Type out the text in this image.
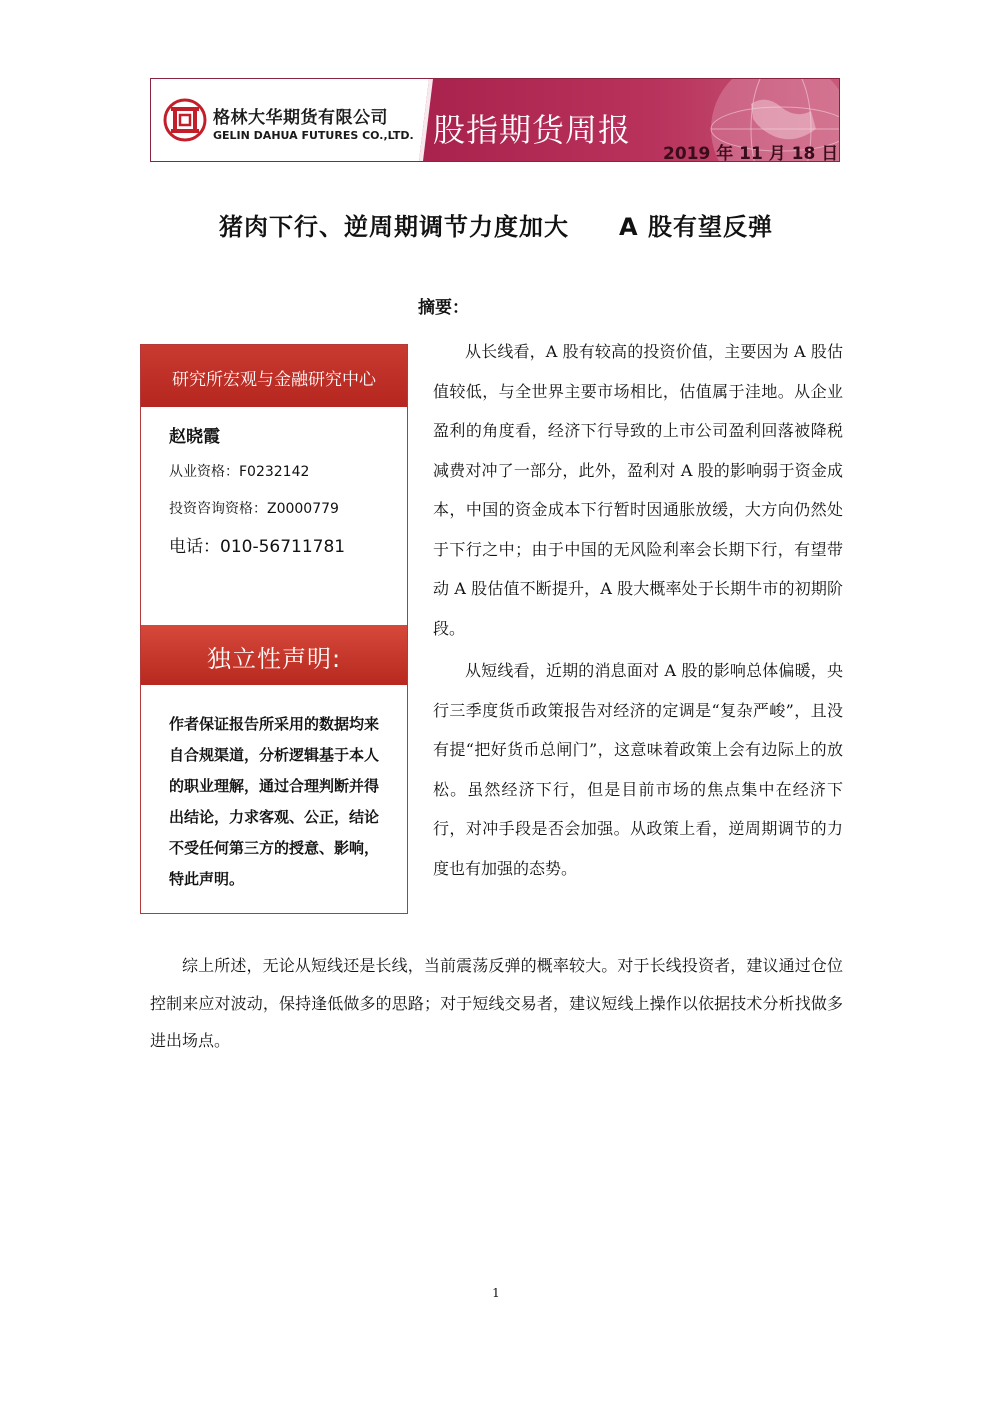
格林大华期货有限公司
GELIN DAHUA FUTURES CO.,LTD. 股指期货周报
2019 年 11 月 18 日
猪肉下行、逆周期调节力度加大　　A 股有望反弹
摘要：
研究所宏观与金融研究中心
赵晓霞
从业资格：F0232142
投资咨询资格：Z0000779
电话：010-56711781
独立性声明:
作者保证报告所采用的数据均来自合规渠道，分析逻辑基于本人的职业理解，通过合理判断并得出结论，力求客观、公正，结论不受任何第三方的授意、影响，特此声明。

从长线看，A 股有较高的投资价值，主要因为 A 股估值较低，与全世界主要市场相比，估值属于洼地。从企业盈利的角度看，经济下行导致的上市公司盈利回落被降税减费对冲了一部分，此外，盈利对 A 股的影响弱于资金成本，中国的资金成本下行暂时因通胀放缓，大方向仍然处于下行之中；由于中国的无风险利率会长期下行，有望带动 A 股估值不断提升，A 股大概率处于长期牛市的初期阶段。

从短线看，近期的消息面对 A 股的影响总体偏暖，央行三季度货币政策报告对经济的定调是“复杂严峻”，且没有提“把好货币总闸门”，这意味着政策上会有边际上的放松。虽然经济下行，但是目前市场的焦点集中在经济下行，对冲手段是否会加强。从政策上看，逆周期调节的力度也有加强的态势。

综上所述，无论从短线还是长线，当前震荡反弹的概率较大。对于长线投资者，建议通过仓位控制来应对波动，保持逢低做多的思路；对于短线交易者，建议短线上操作以依据技术分析找做多进出场点。

1
